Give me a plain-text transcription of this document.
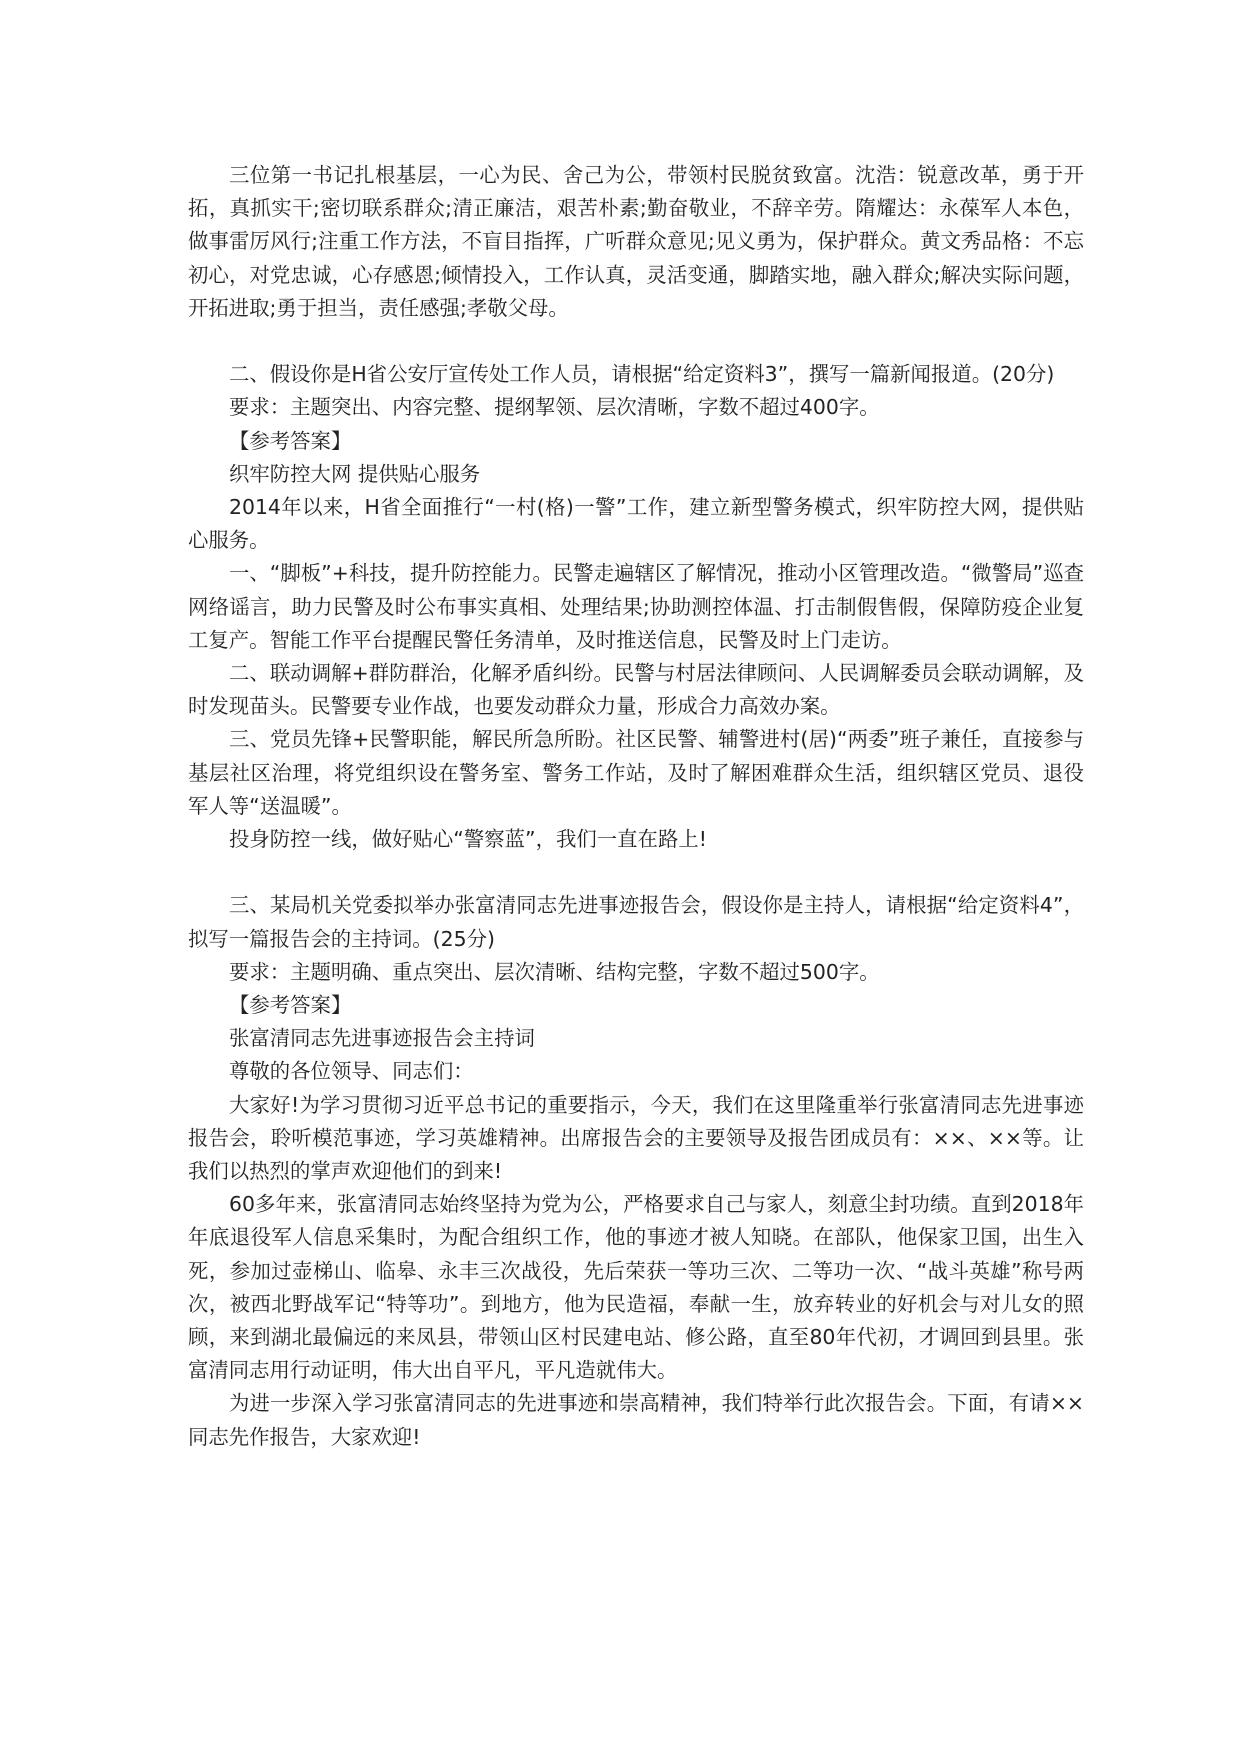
三位第一书记扎根基层，一心为民、舍己为公，带领村民脱贫致富。沈浩：锐意改革，勇于开拓，真抓实干;密切联系群众;清正廉洁，艰苦朴素;勤奋敬业，不辞辛劳。隋耀达：永葆军人本色，做事雷厉风行;注重工作方法，不盲目指挥，广听群众意见;见义勇为，保护群众。黄文秀品格：不忘初心，对党忠诚，心存感恩;倾情投入，工作认真，灵活变通，脚踏实地，融入群众;解决实际问题，开拓进取;勇于担当，责任感强;孝敬父母。

二、假设你是H省公安厅宣传处工作人员，请根据“给定资料3”，撰写一篇新闻报道。(20分)

要求：主题突出、内容完整、提纲挈领、层次清晰，字数不超过400字。

【参考答案】

织牢防控大网 提供贴心服务

2014年以来，H省全面推行“一村(格)一警”工作，建立新型警务模式，织牢防控大网，提供贴心服务。

一、“脚板”+科技，提升防控能力。民警走遍辖区了解情况，推动小区管理改造。“微警局”巡查网络谣言，助力民警及时公布事实真相、处理结果;协助测控体温、打击制假售假，保障防疫企业复工复产。智能工作平台提醒民警任务清单，及时推送信息，民警及时上门走访。

二、联动调解+群防群治，化解矛盾纠纷。民警与村居法律顾问、人民调解委员会联动调解，及时发现苗头。民警要专业作战，也要发动群众力量，形成合力高效办案。

三、党员先锋+民警职能，解民所急所盼。社区民警、辅警进村(居)“两委”班子兼任，直接参与基层社区治理，将党组织设在警务室、警务工作站，及时了解困难群众生活，组织辖区党员、退役军人等“送温暖”。

投身防控一线，做好贴心“警察蓝”，我们一直在路上!

三、某局机关党委拟举办张富清同志先进事迹报告会，假设你是主持人，请根据“给定资料4”，拟写一篇报告会的主持词。(25分)

要求：主题明确、重点突出、层次清晰、结构完整，字数不超过500字。

【参考答案】

张富清同志先进事迹报告会主持词

尊敬的各位领导、同志们：

大家好!为学习贯彻习近平总书记的重要指示，今天，我们在这里隆重举行张富清同志先进事迹报告会，聆听模范事迹，学习英雄精神。出席报告会的主要领导及报告团成员有：××、××等。让我们以热烈的掌声欢迎他们的到来!

60多年来，张富清同志始终坚持为党为公，严格要求自己与家人，刻意尘封功绩。直到2018年年底退役军人信息采集时，为配合组织工作，他的事迹才被人知晓。在部队，他保家卫国，出生入死，参加过壶梯山、临皋、永丰三次战役，先后荣获一等功三次、二等功一次、“战斗英雄”称号两次，被西北野战军记“特等功”。到地方，他为民造福，奉献一生，放弃转业的好机会与对儿女的照顾，来到湖北最偏远的来凤县，带领山区村民建电站、修公路，直至80年代初，才调回到县里。张富清同志用行动证明，伟大出自平凡，平凡造就伟大。

为进一步深入学习张富清同志的先进事迹和崇高精神，我们特举行此次报告会。下面，有请××同志先作报告，大家欢迎!
